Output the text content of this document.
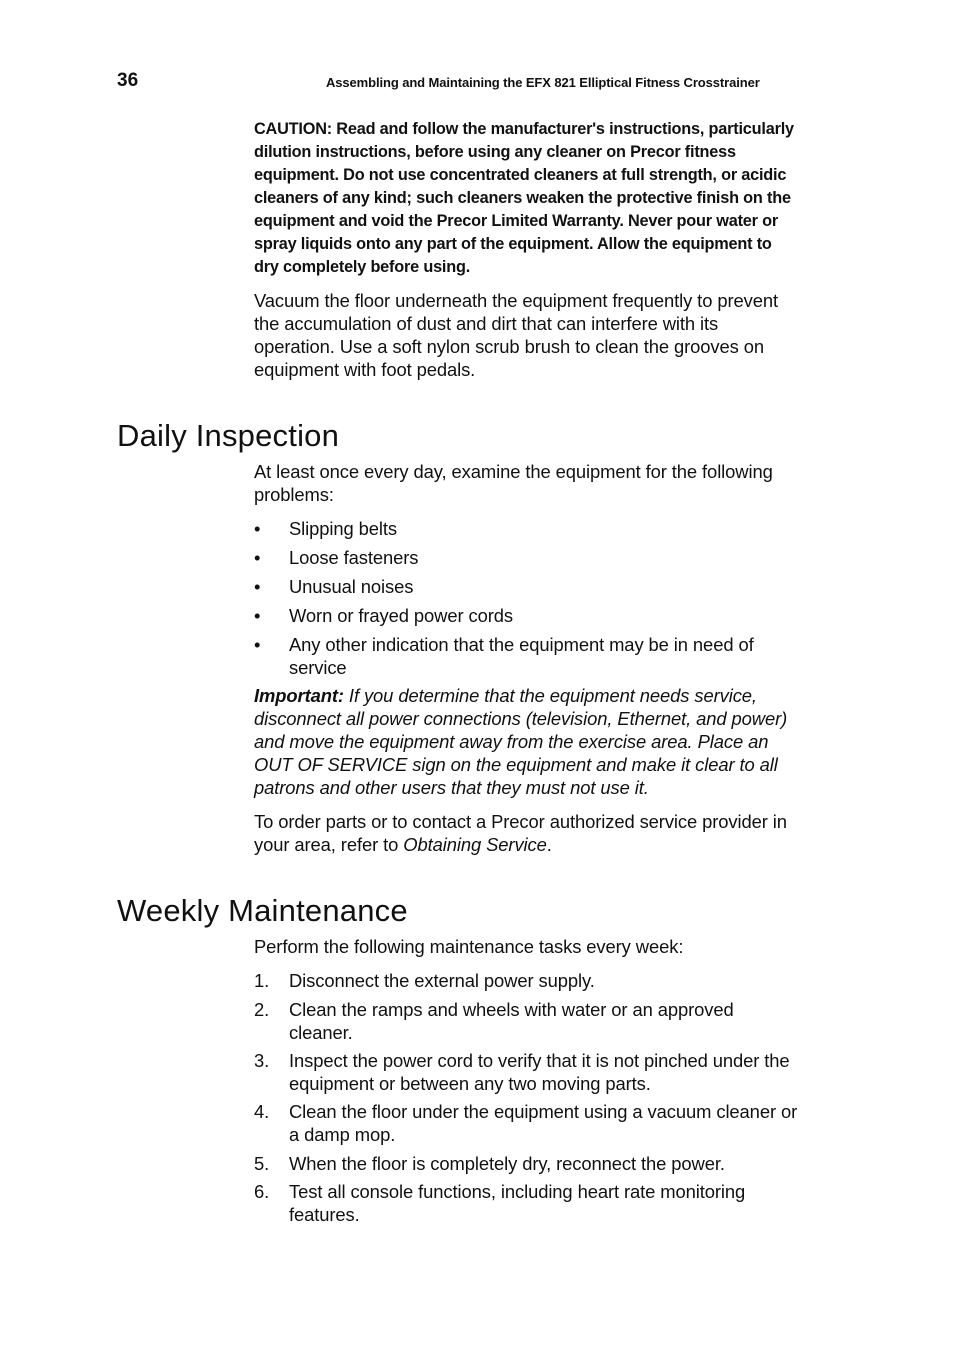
36	Assembling and Maintaining the EFX 821 Elliptical Fitness Crosstrainer
CAUTION: Read and follow the manufacturer's instructions, particularly dilution instructions, before using any cleaner on Precor fitness equipment. Do not use concentrated cleaners at full strength, or acidic cleaners of any kind; such cleaners weaken the protective finish on the equipment and void the Precor Limited Warranty. Never pour water or spray liquids onto any part of the equipment. Allow the equipment to dry completely before using.

Vacuum the floor underneath the equipment frequently to prevent the accumulation of dust and dirt that can interfere with its operation. Use a soft nylon scrub brush to clean the grooves on equipment with foot pedals.

Daily Inspection

At least once every day, examine the equipment for the following problems:

• Slipping belts
• Loose fasteners
• Unusual noises
• Worn or frayed power cords
• Any other indication that the equipment may be in need of service

Important: If you determine that the equipment needs service, disconnect all power connections (television, Ethernet, and power) and move the equipment away from the exercise area. Place an OUT OF SERVICE sign on the equipment and make it clear to all patrons and other users that they must not use it.

To order parts or to contact a Precor authorized service provider in your area, refer to Obtaining Service.

Weekly Maintenance

Perform the following maintenance tasks every week:

1. Disconnect the external power supply.
2. Clean the ramps and wheels with water or an approved cleaner.
3. Inspect the power cord to verify that it is not pinched under the equipment or between any two moving parts.
4. Clean the floor under the equipment using a vacuum cleaner or a damp mop.
5. When the floor is completely dry, reconnect the power.
6. Test all console functions, including heart rate monitoring features.
